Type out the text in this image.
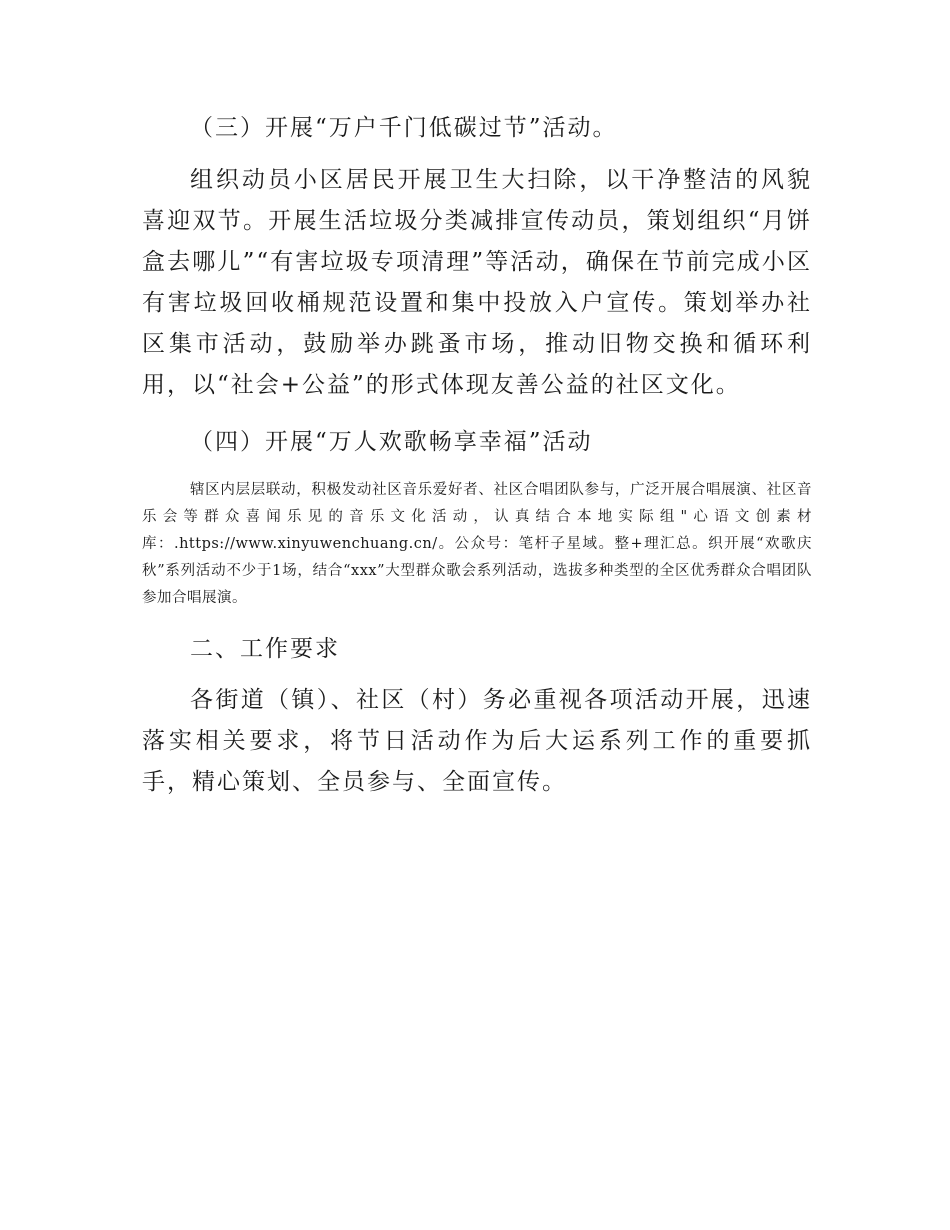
（三）开展“万户千门低碳过节”活动。

组织动员小区居民开展卫生大扫除，以干净整洁的风貌喜迎双节。开展生活垃圾分类减排宣传动员，策划组织“月饼盒去哪儿”“有害垃圾专项清理”等活动，确保在节前完成小区有害垃圾回收桶规范设置和集中投放入户宣传。策划举办社区集市活动，鼓励举办跳蚤市场，推动旧物交换和循环利用，以“社会+公益”的形式体现友善公益的社区文化。

（四）开展“万人欢歌畅享幸福”活动

辖区内层层联动，积极发动社区音乐爱好者、社区合唱团队参与，广泛开展合唱展演、社区音乐会等群众喜闻乐见的音乐文化活动，认真结合本地实际组"心语文创素材库：.https://www.xinyuwenchuang.cn/。公众号：笔杆子星域。整+理汇总。织开展“欢歌庆秋”系列活动不少于1场，结合“xxx”大型群众歌会系列活动，选拔多种类型的全区优秀群众合唱团队参加合唱展演。

二、工作要求

各街道（镇）、社区（村）务必重视各项活动开展，迅速落实相关要求，将节日活动作为后大运系列工作的重要抓手，精心策划、全员参与、全面宣传。
